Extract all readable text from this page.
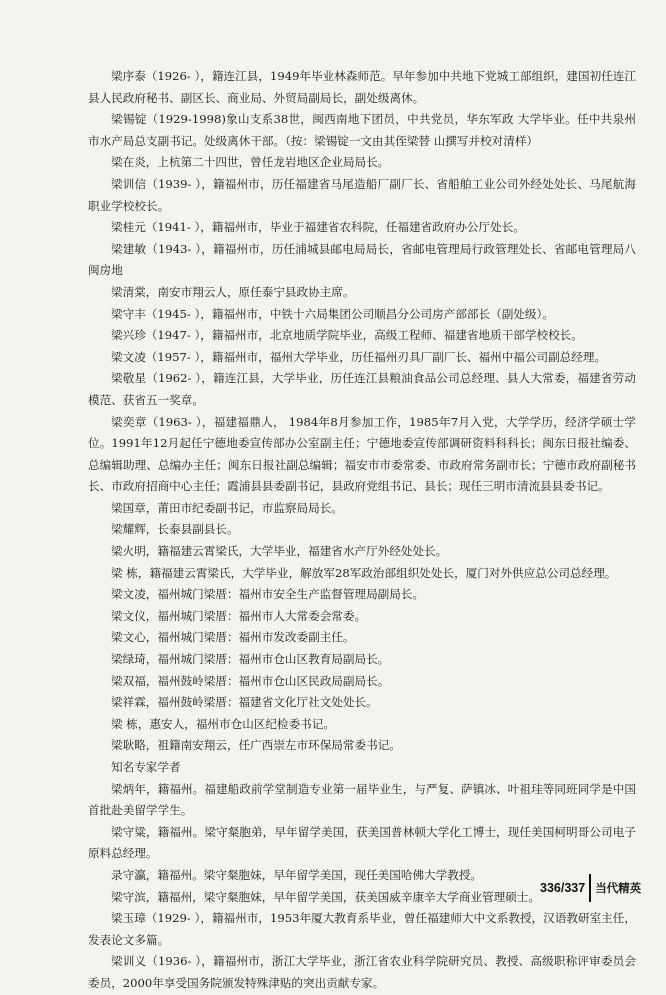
梁序泰（1926- ），籍连江县，1949年毕业林森师范。早年参加中共地下党城工部组织，建国初任连江县人民政府秘书、副区长、商业局、外贸局副局长，副处级离休。

梁锡锭（1929-1998)象山支系38世，闽西南地下团员，中共党员，华东军政 大学毕业。任中共泉州市水产局总支副书记。处级离休干部。（按：梁锡锭一文由其侄梁替 山撰写并校对清样）

梁在炎，上杭第二十四世，曾任龙岩地区企业局局长。

梁训信（1939- ），籍福州市，历任福建省马尾造船厂副厂长、省船舶工业公司外经处处长、马尾航海职业学校校长。

梁桂元（1941- ），籍福州市，毕业于福建省农科院，任福建省政府办公厅处长。

梁建敏（1943- ），籍福州市，历任浦城县邮电局局长，省邮电管理局行政管理处长、省邮电管理局八闽房地

梁清棠，南安市翔云人，原任泰宁县政协主席。

梁守丰（1945- ），籍福州市，中铁十六局集团公司顺昌分公司房产部部长（副处级）。

梁兴珍（1947- ），籍福州市，北京地质学院毕业，高级工程师、福建省地质干部学校校长。

梁文凌（1957- ），籍福州市，福州大学毕业，历任福州刃具厂副厂长、福州中福公司副总经理。

梁敬星（1962- ），籍连江县，大学毕业，历任连江县粮油食品公司总经理、县人大常委，福建省劳动模范、获省五一奖章。

梁奕章（1963- ），福建福鼎人， 1984年8月参加工作，1985年7月入党，大学学历，经济学硕士学位。1991年12月起任宁德地委宣传部办公室副主任；宁德地委宣传部调研资料科科长；闽东日报社编委、总编辑助理、总编办主任；闽东日报社副总编辑；福安市市委常委、市政府常务副市长；宁德市政府副秘书长、市政府招商中心主任；霞浦县县委副书记，县政府党组书记、县长；现任三明市清流县县委书记。

梁国章，莆田市纪委副书记，市监察局局长。

梁耀辉，长泰县副县长。

梁火明，籍福建云霄梁氏，大学毕业，福建省水产厅外经处处长。

梁 栋，籍福建云霄梁氏，大学毕业，解放军28军政治部组织处处长，厦门对外供应总公司总经理。

梁文凌，福州城门梁厝：福州市安全生产监督管理局副局长。

梁文仪，福州城门梁厝：福州市人大常委会常委。

梁文心，福州城门梁厝：福州市发改委副主任。

梁绿琦，福州城门梁厝：福州市仓山区教育局副局长。

梁双福，福州鼓岭梁厝：福州市仓山区民政局副局长。

梁祥霖，福州鼓岭梁厝：福建省文化厅社文处处长。

梁 栋，惠安人，福州市仓山区纪检委书记。

梁耿略，祖籍南安翔云，任广西崇左市环保局常委书记。

知名专家学者

梁炳年，籍福州。福建船政前学堂制造专业第一届毕业生，与严复、萨镇冰、叶祖珪等同班同学是中国首批赴美留学学生。

梁守粱，籍福州。梁守粲胞弟，早年留学美国，获美国普林顿大学化工博士，现任美国柯明哥公司电子原料总经理。

录守瀛，籍福州。梁守粲胞妹，早年留学美国，现任美国哈佛大学教授。

梁守滨，籍福州，梁守粲胞妹，早年留学美国，获美国威辛康辛大学商业管理硕士。

梁玉璋（1929- ），籍福州市，1953年厦大教育系毕业，曾任福建师大中文系教授，汉语教研室主任，发表论文多篇。

梁训义（1936- ），籍福州市，浙江大学毕业，浙江省农业科学院研究员、教授、高级职称评审委员会委员，2000年享受国务院颁发特殊津贴的突出贡献专家。

336/337 当代精英
